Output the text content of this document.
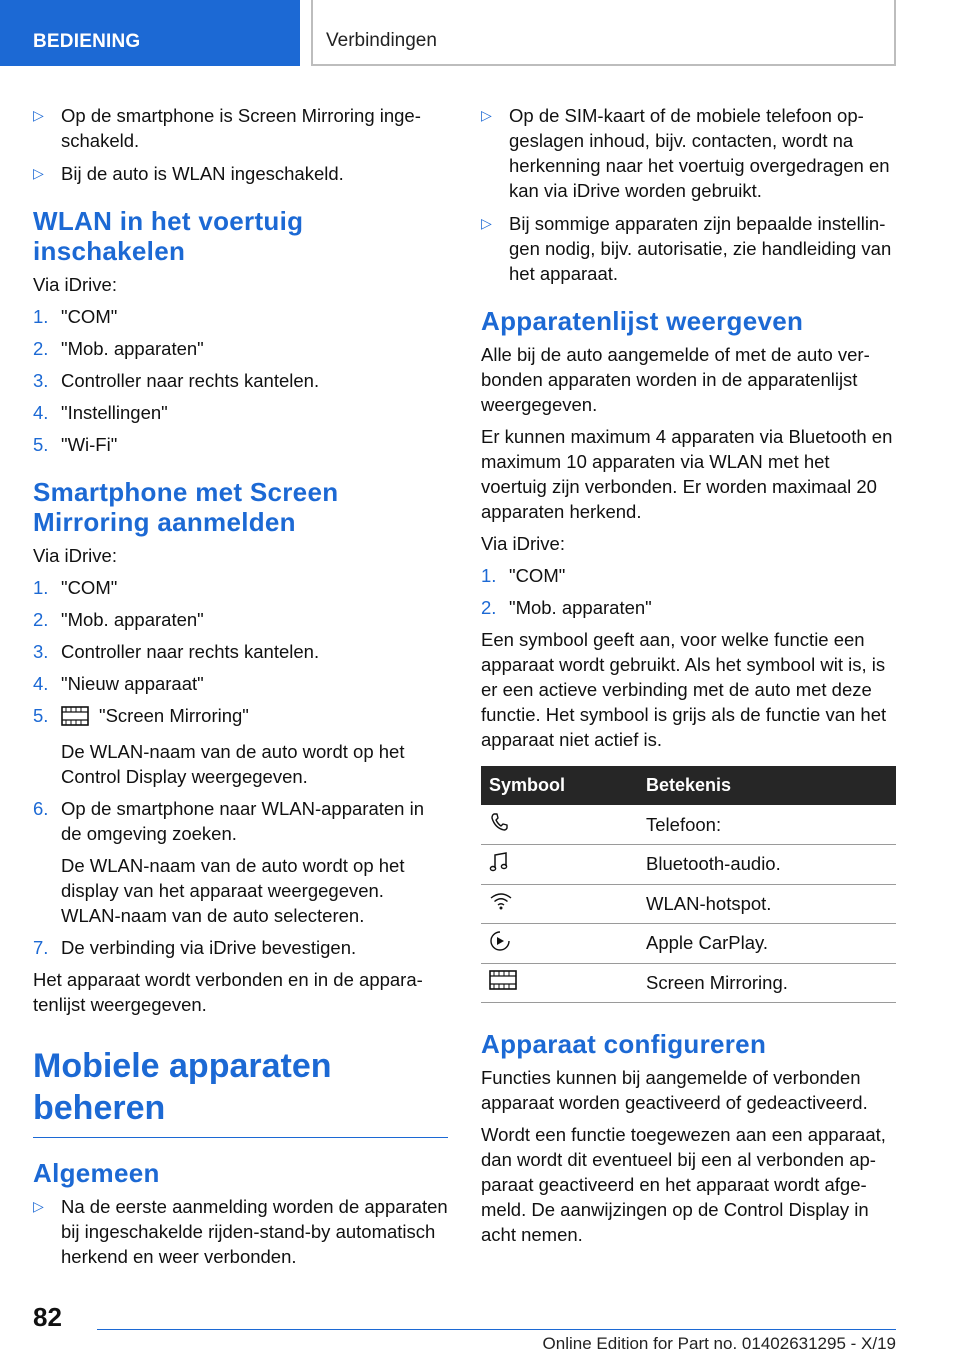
BEDIENING	Verbindingen
▷ Op de smartphone is Screen Mirroring ingeschakeld.
▷ Bij de auto is WLAN ingeschakeld.
WLAN in het voertuig inschakelen

Via iDrive:

1. "COM"
2. "Mob. apparaten"
3. Controller naar rechts kantelen.
4. "Instellingen"
5. "Wi-Fi"
Smartphone met Screen Mirroring aanmelden

Via iDrive:

1. "COM"
2. "Mob. apparaten"
3. Controller naar rechts kantelen.
4. "Nieuw apparaat"
5.	"Screen Mirroring"
De WLAN-naam van de auto wordt op het Control Display weergegeven.
6. Op de smartphone naar WLAN-apparaten in de omgeving zoeken.
De WLAN-naam van de auto wordt op het display van het apparaat weergegeven.
WLAN-naam van de auto selecteren.
7. De verbinding via iDrive bevestigen.

Het apparaat wordt verbonden en in de apparatenlijst weergegeven.

Mobiele apparaten beheren
Algemeen
▷ Na de eerste aanmelding worden de apparaten bij ingeschakelde rijden-stand-by automatisch herkend en weer verbonden.
▷ Op de SIM-kaart of de mobiele telefoon opgeslagen inhoud, bijv. contacten, wordt na herkenning naar het voertuig overgedragen en kan via iDrive worden gebruikt.
▷ Bij sommige apparaten zijn bepaalde instellingen nodig, bijv. autorisatie, zie handleiding van het apparaat.
Apparatenlijst weergeven

Alle bij de auto aangemelde of met de auto verbonden apparaten worden in de apparatenlijst weergegeven.

Er kunnen maximum 4 apparaten via Bluetooth en maximum 10 apparaten via WLAN met het voertuig zijn verbonden. Er worden maximaal 20 apparaten herkend.

Via iDrive:

1. "COM"
2. "Mob. apparaten"

Een symbool geeft aan, voor welke functie een apparaat wordt gebruikt. Als het symbool wit is, is er een actieve verbinding met de auto met deze functie. Het symbool is grijs als de functie van het apparaat niet actief is.

Symbool	Betekenis
	Telefoon:
	Bluetooth-audio.
	WLAN-hotspot.
	Apple CarPlay.
	Screen Mirroring.
Apparaat configureren

Functies kunnen bij aangemelde of verbonden apparaat worden geactiveerd of gedeactiveerd.

Wordt een functie toegewezen aan een apparaat, dan wordt dit eventueel bij een al verbonden apparaat geactiveerd en het apparaat wordt afgemeld. De aanwijzingen op de Control Display in acht nemen.

82
Online Edition for Part no. 01402631295 - X/19
